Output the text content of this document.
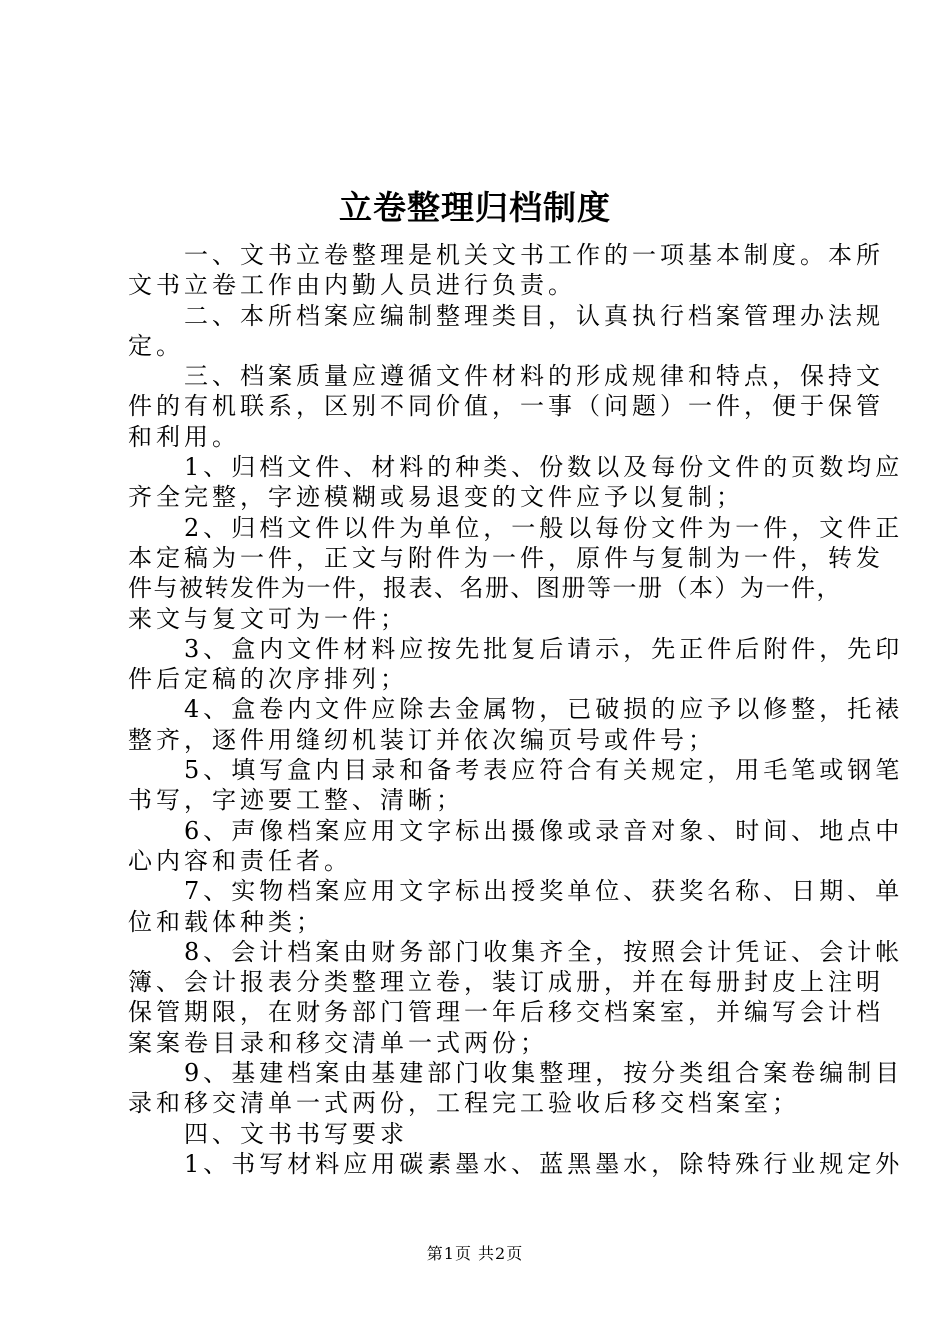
立卷整理归档制度
　　一、文书立卷整理是机关文书工作的一项基本制度。本所
文书立卷工作由内勤人员进行负责。
　　二、本所档案应编制整理类目，认真执行档案管理办法规
定。
　　三、档案质量应遵循文件材料的形成规律和特点，保持文
件的有机联系，区别不同价值，一事（问题）一件，便于保管
和利用。
　　1、归档文件、材料的种类、份数以及每份文件的页数均应
齐全完整，字迹模糊或易退变的文件应予以复制；
　　2、归档文件以件为单位，一般以每份文件为一件，文件正
本定稿为一件，正文与附件为一件，原件与复制为一件，转发
件与被转发件为一件，报表、名册、图册等一册（本）为一件，
来文与复文可为一件；
　　3、盒内文件材料应按先批复后请示，先正件后附件，先印
件后定稿的次序排列；
　　4、盒卷内文件应除去金属物，已破损的应予以修整，托裱
整齐，逐件用缝纫机装订并依次编页号或件号；
　　5、填写盒内目录和备考表应符合有关规定，用毛笔或钢笔
书写，字迹要工整、清晰；
　　6、声像档案应用文字标出摄像或录音对象、时间、地点中
心内容和责任者。
　　7、实物档案应用文字标出授奖单位、获奖名称、日期、单
位和载体种类；
　　8、会计档案由财务部门收集齐全，按照会计凭证、会计帐
簿、会计报表分类整理立卷，装订成册，并在每册封皮上注明
保管期限，在财务部门管理一年后移交档案室，并编写会计档
案案卷目录和移交清单一式两份；
　　9、基建档案由基建部门收集整理，按分类组合案卷编制目
录和移交清单一式两份，工程完工验收后移交档案室；
　　四、文书书写要求
　　1、书写材料应用碳素墨水、蓝黑墨水，除特殊行业规定外
第1页 共2页
